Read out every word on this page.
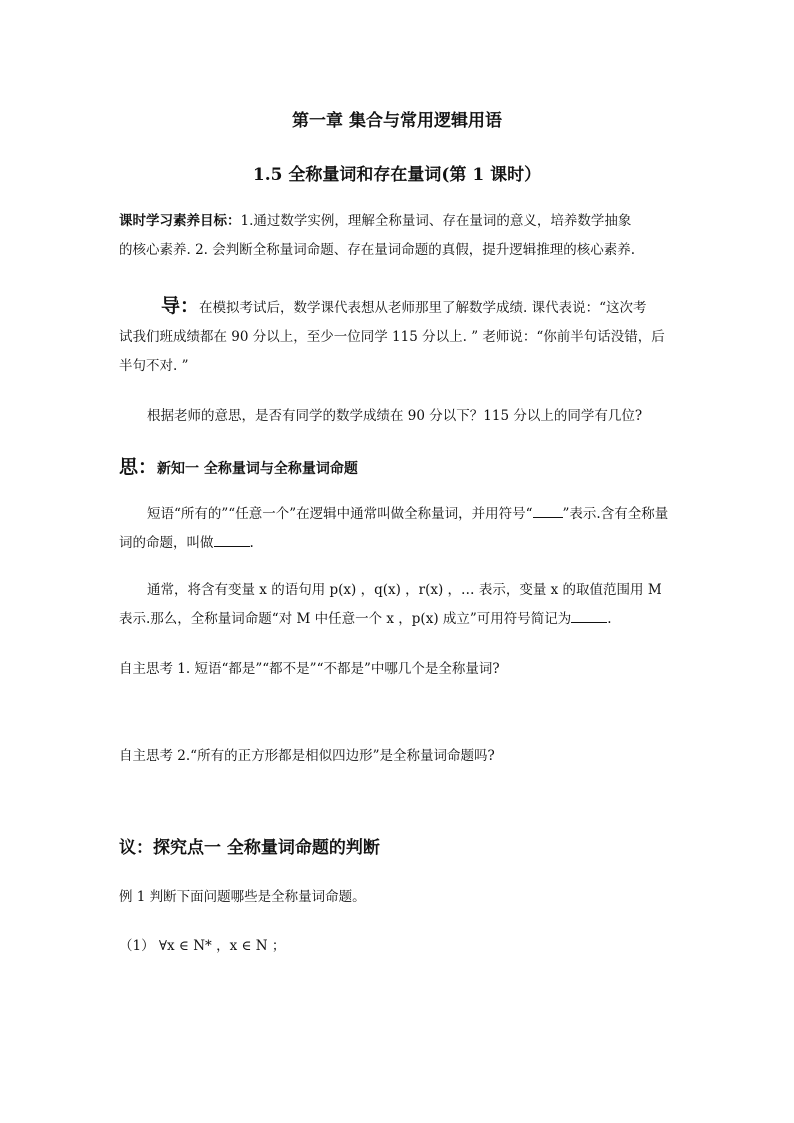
第一章 集合与常用逻辑用语
1.5 全称量词和存在量词(第 1 课时）
课时学习素养目标：1.通过数学实例，理解全称量词、存在量词的意义，培养数学抽象
的核心素养. 2. 会判断全称量词命题、存在量词命题的真假，提升逻辑推理的核心素养.
导：在模拟考试后，数学课代表想从老师那里了解数学成绩. 课代表说：“这次考
试我们班成绩都在 90 分以上，至少一位同学 115 分以上. ” 老师说：“你前半句话没错，后
半句不对. ”
根据老师的意思，是否有同学的数学成绩在 90 分以下？115 分以上的同学有几位?
思：新知一 全称量词与全称量词命题
短语“所有的”“任意一个”在逻辑中通常叫做全称量词，并用符号“ ”表示.含有全称量
词的命题，叫做	.
通常，将含有变量 x 的语句用 p(x) ，q(x) ，r(x) ，… 表示，变量 x 的取值范围用 M
表示.那么，全称量词命题“对 M 中任意一个 x ，p(x) 成立”可用符号简记为	.
自主思考 1. 短语“都是”“都不是”“不都是”中哪几个是全称量词?
自主思考 2.“所有的正方形都是相似四边形”是全称量词命题吗?
议：探究点一 全称量词命题的判断
例 1 判断下面问题哪些是全称量词命题。
（1） ∀x ∈ N* ，x ∈ N ；
